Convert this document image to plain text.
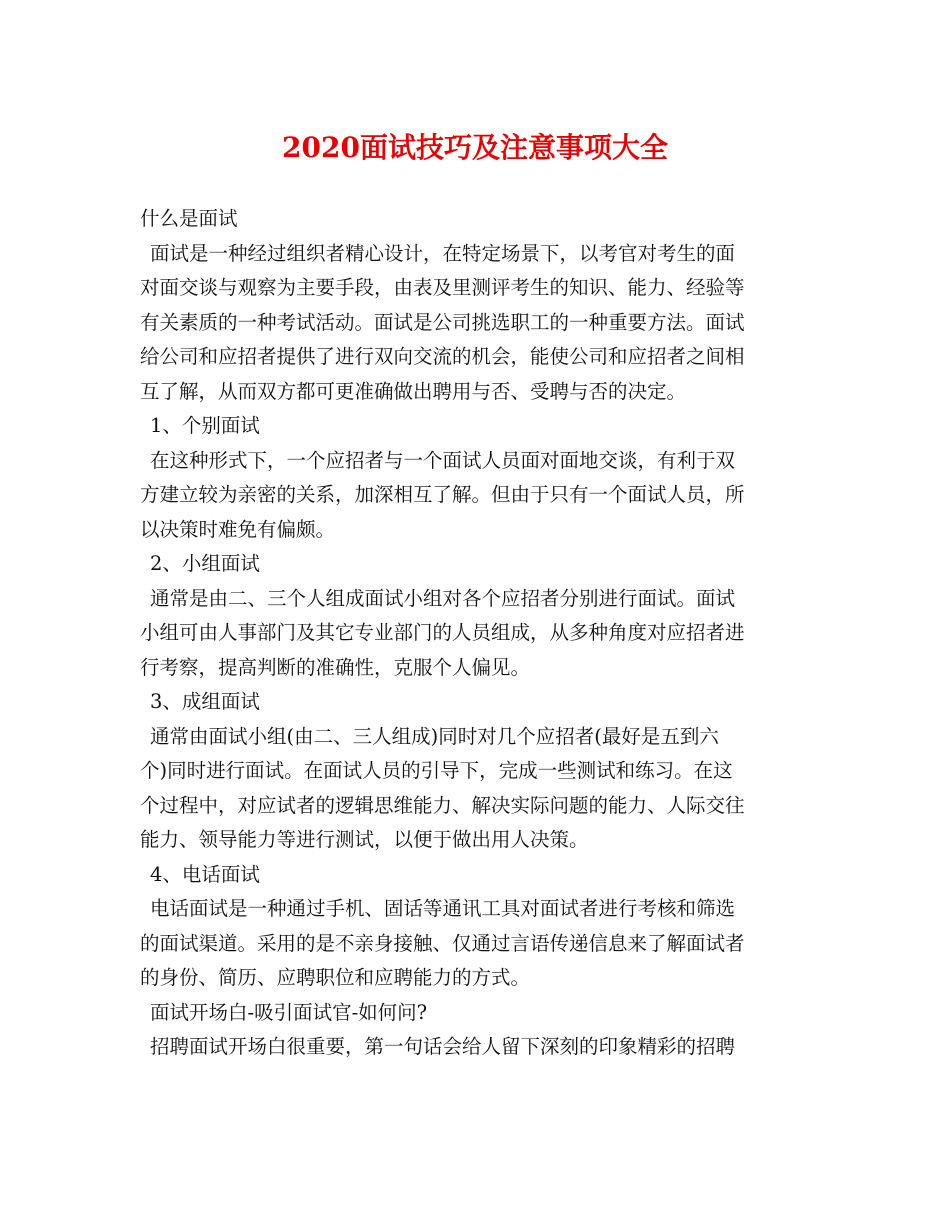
2020面试技巧及注意事项大全
什么是面试
面试是一种经过组织者精心设计，在特定场景下，以考官对考生的面
对面交谈与观察为主要手段，由表及里测评考生的知识、能力、经验等
有关素质的一种考试活动。面试是公司挑选职工的一种重要方法。面试
给公司和应招者提供了进行双向交流的机会，能使公司和应招者之间相
互了解，从而双方都可更准确做出聘用与否、受聘与否的决定。
1、个别面试
在这种形式下，一个应招者与一个面试人员面对面地交谈，有利于双
方建立较为亲密的关系，加深相互了解。但由于只有一个面试人员，所
以决策时难免有偏颇。
2、小组面试
通常是由二、三个人组成面试小组对各个应招者分别进行面试。面试
小组可由人事部门及其它专业部门的人员组成，从多种角度对应招者进
行考察，提高判断的准确性，克服个人偏见。
3、成组面试
通常由面试小组(由二、三人组成)同时对几个应招者(最好是五到六
个)同时进行面试。在面试人员的引导下，完成一些测试和练习。在这
个过程中，对应试者的逻辑思维能力、解决实际问题的能力、人际交往
能力、领导能力等进行测试，以便于做出用人决策。
4、电话面试
电话面试是一种通过手机、固话等通讯工具对面试者进行考核和筛选
的面试渠道。采用的是不亲身接触、仅通过言语传递信息来了解面试者
的身份、简历、应聘职位和应聘能力的方式。
面试开场白-吸引面试官-如何问?
招聘面试开场白很重要，第一句话会给人留下深刻的印象精彩的招聘
